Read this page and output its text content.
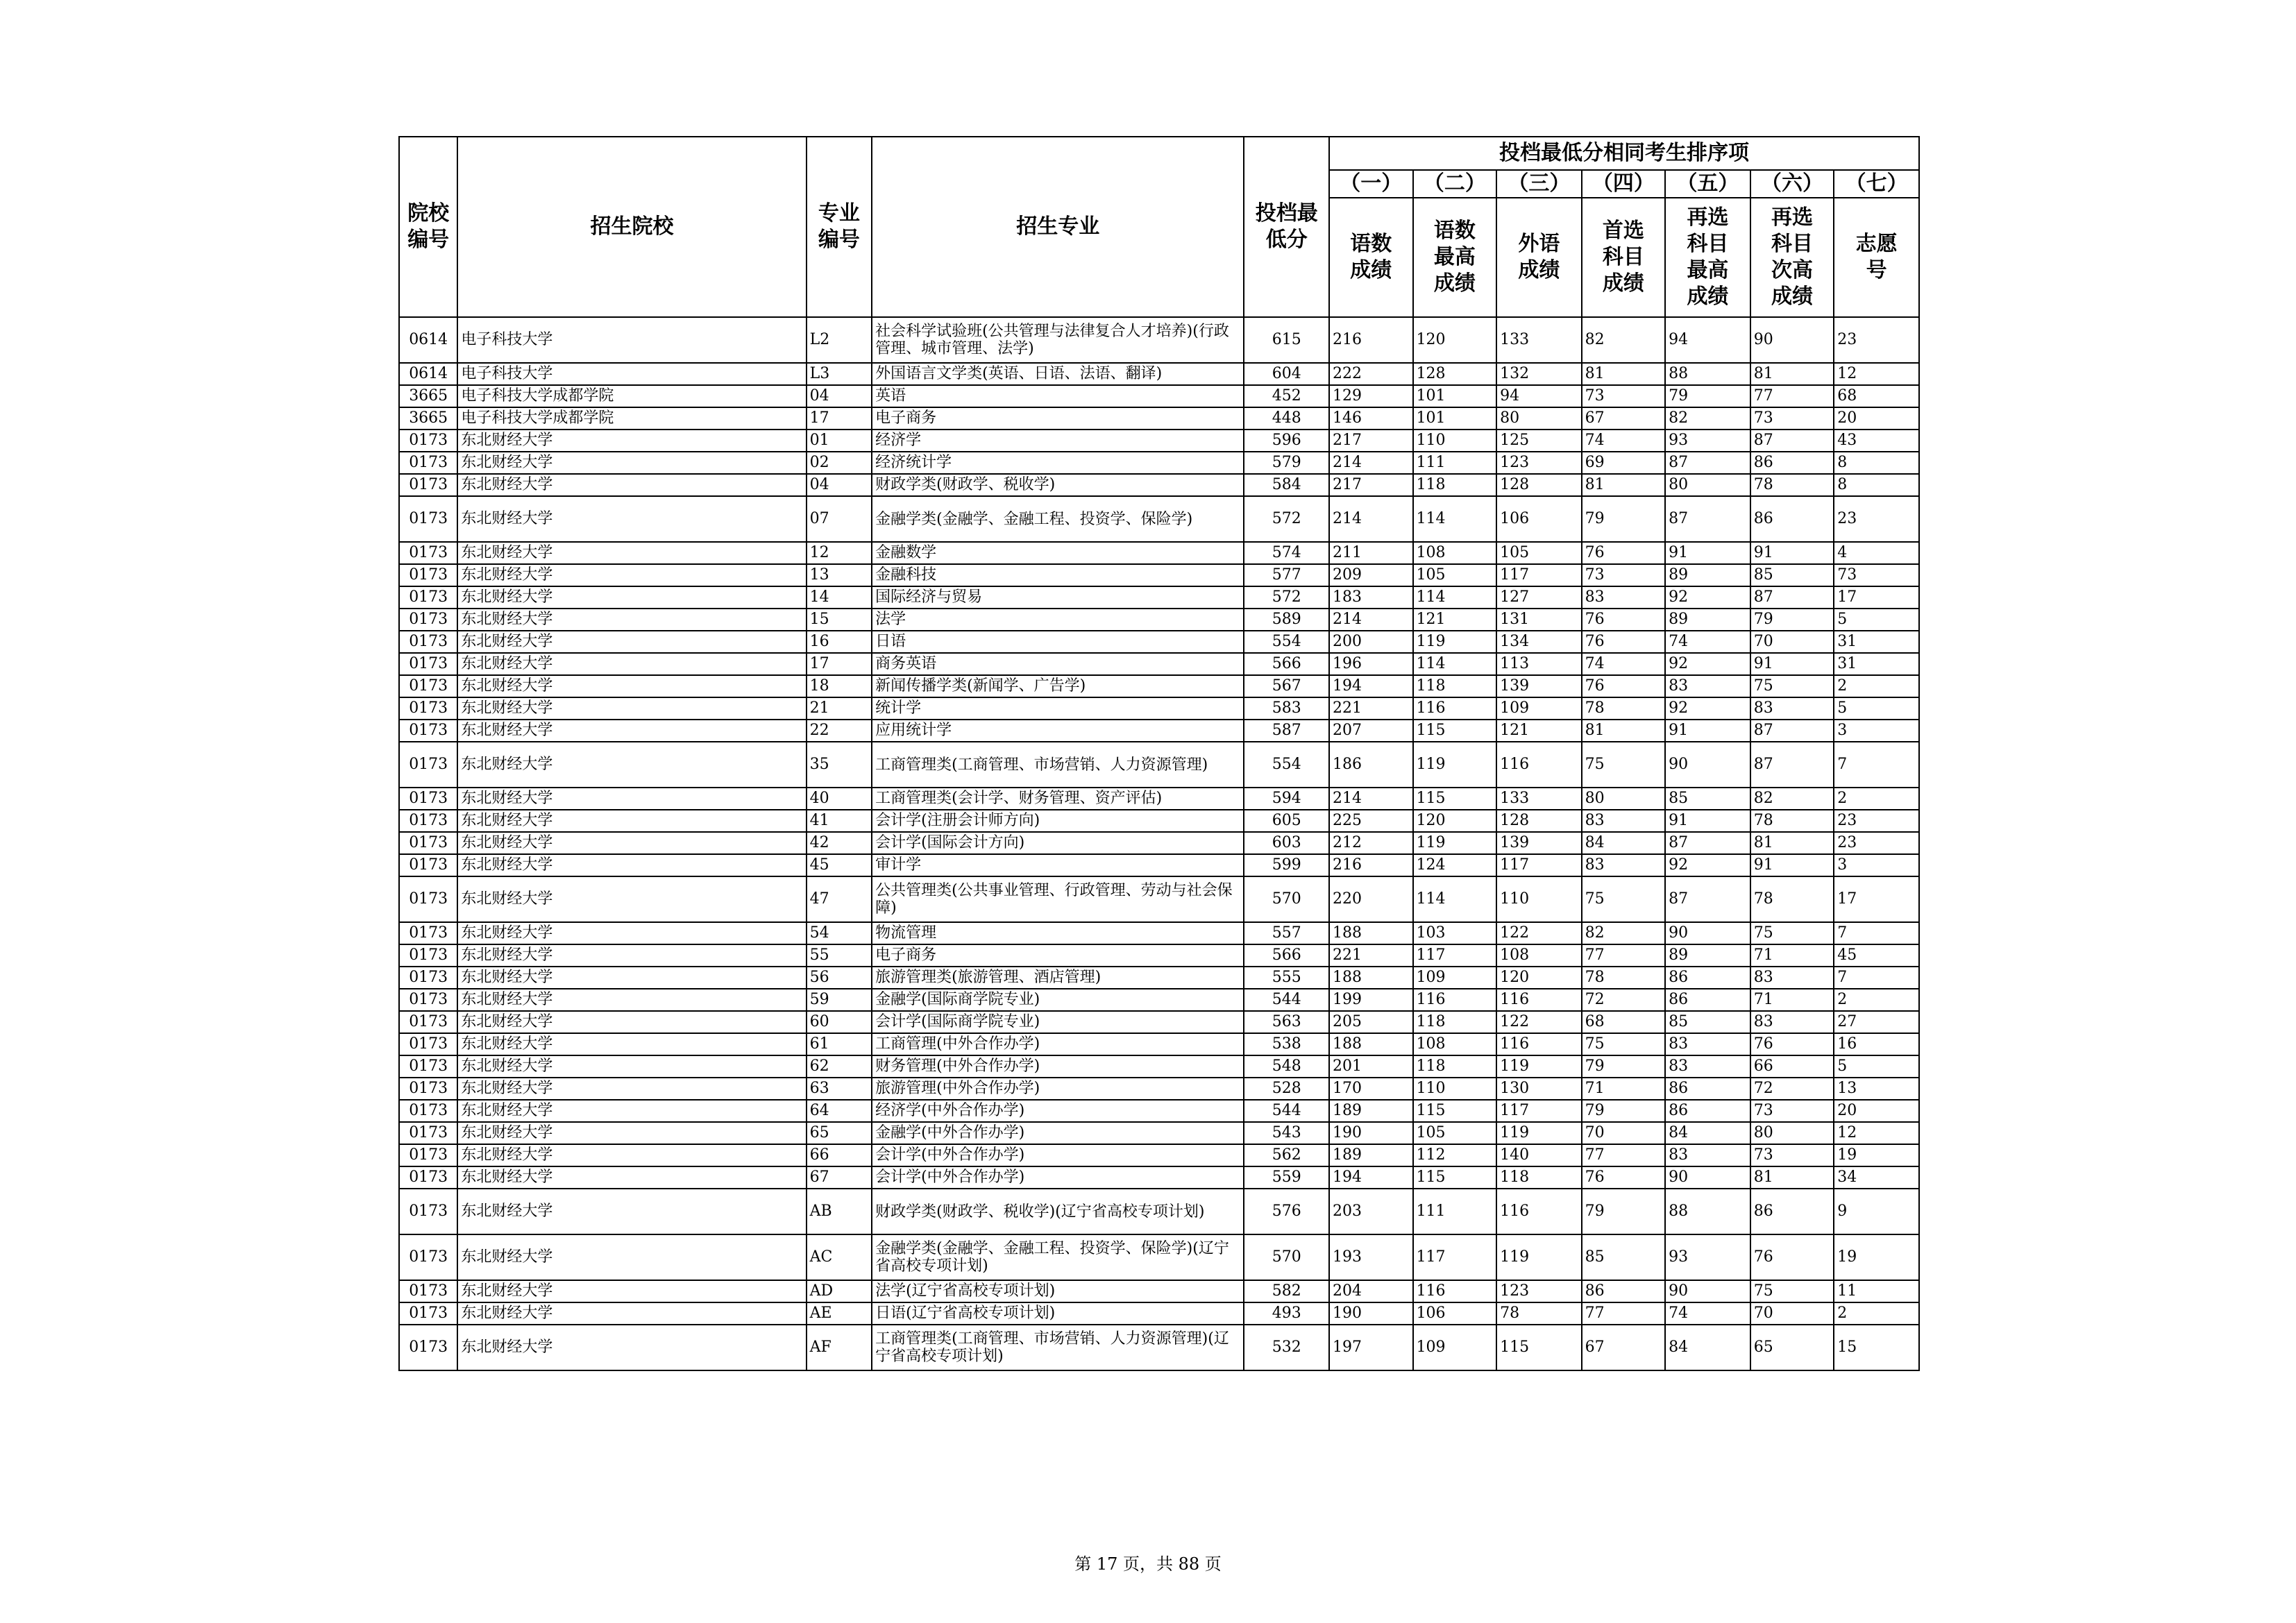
院校编号	招生院校	专业编号	招生专业	投档最低分	投档最低分相同考生排序项						
					（一）	（二）	（三）	（四）	（五）	（六）	（七）
					语数成绩	语数最高成绩	外语成绩	首选科目成绩	再选科目最高成绩	再选科目次高成绩	志愿号
0614	电子科技大学	L2	社会科学试验班(公共管理与法律复合人才培养)(行政管理、城市管理、法学)	615	216	120	133	82	94	90	23
0614	电子科技大学	L3	外国语言文学类(英语、日语、法语、翻译)	604	222	128	132	81	88	81	12
3665	电子科技大学成都学院	04	英语	452	129	101	94	73	79	77	68
3665	电子科技大学成都学院	17	电子商务	448	146	101	80	67	82	73	20
0173	东北财经大学	01	经济学	596	217	110	125	74	93	87	43
0173	东北财经大学	02	经济统计学	579	214	111	123	69	87	86	8
0173	东北财经大学	04	财政学类(财政学、税收学)	584	217	118	128	81	80	78	8
0173	东北财经大学	07	金融学类(金融学、金融工程、投资学、保险学)	572	214	114	106	79	87	86	23
0173	东北财经大学	12	金融数学	574	211	108	105	76	91	91	4
0173	东北财经大学	13	金融科技	577	209	105	117	73	89	85	73
0173	东北财经大学	14	国际经济与贸易	572	183	114	127	83	92	87	17
0173	东北财经大学	15	法学	589	214	121	131	76	89	79	5
0173	东北财经大学	16	日语	554	200	119	134	76	74	70	31
0173	东北财经大学	17	商务英语	566	196	114	113	74	92	91	31
0173	东北财经大学	18	新闻传播学类(新闻学、广告学)	567	194	118	139	76	83	75	2
0173	东北财经大学	21	统计学	583	221	116	109	78	92	83	5
0173	东北财经大学	22	应用统计学	587	207	115	121	81	91	87	3
0173	东北财经大学	35	工商管理类(工商管理、市场营销、人力资源管理)	554	186	119	116	75	90	87	7
0173	东北财经大学	40	工商管理类(会计学、财务管理、资产评估)	594	214	115	133	80	85	82	2
0173	东北财经大学	41	会计学(注册会计师方向)	605	225	120	128	83	91	78	23
0173	东北财经大学	42	会计学(国际会计方向)	603	212	119	139	84	87	81	23
0173	东北财经大学	45	审计学	599	216	124	117	83	92	91	3
0173	东北财经大学	47	公共管理类(公共事业管理、行政管理、劳动与社会保障)	570	220	114	110	75	87	78	17
0173	东北财经大学	54	物流管理	557	188	103	122	82	90	75	7
0173	东北财经大学	55	电子商务	566	221	117	108	77	89	71	45
0173	东北财经大学	56	旅游管理类(旅游管理、酒店管理)	555	188	109	120	78	86	83	7
0173	东北财经大学	59	金融学(国际商学院专业)	544	199	116	116	72	86	71	2
0173	东北财经大学	60	会计学(国际商学院专业)	563	205	118	122	68	85	83	27
0173	东北财经大学	61	工商管理(中外合作办学)	538	188	108	116	75	83	76	16
0173	东北财经大学	62	财务管理(中外合作办学)	548	201	118	119	79	83	66	5
0173	东北财经大学	63	旅游管理(中外合作办学)	528	170	110	130	71	86	72	13
0173	东北财经大学	64	经济学(中外合作办学)	544	189	115	117	79	86	73	20
0173	东北财经大学	65	金融学(中外合作办学)	543	190	105	119	70	84	80	12
0173	东北财经大学	66	会计学(中外合作办学)	562	189	112	140	77	83	73	19
0173	东北财经大学	67	会计学(中外合作办学)	559	194	115	118	76	90	81	34
0173	东北财经大学	AB	财政学类(财政学、税收学)(辽宁省高校专项计划)	576	203	111	116	79	88	86	9
0173	东北财经大学	AC	金融学类(金融学、金融工程、投资学、保险学)(辽宁省高校专项计划)	570	193	117	119	85	93	76	19
0173	东北财经大学	AD	法学(辽宁省高校专项计划)	582	204	116	123	86	90	75	11
0173	东北财经大学	AE	日语(辽宁省高校专项计划)	493	190	106	78	77	74	70	2
0173	东北财经大学	AF	工商管理类(工商管理、市场营销、人力资源管理)(辽宁省高校专项计划)	532	197	109	115	67	84	65	15
第 17 页，共 88 页
